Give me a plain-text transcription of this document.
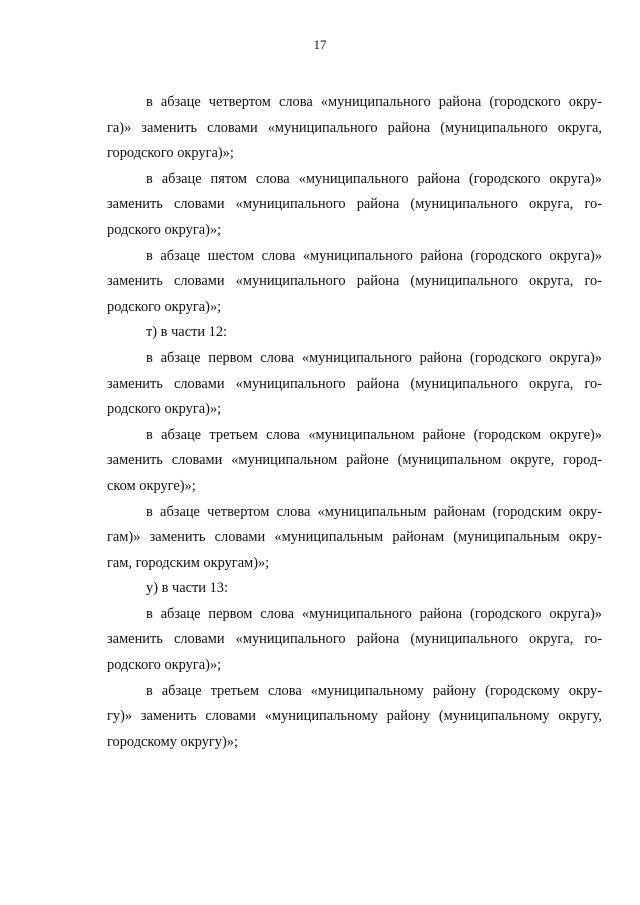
17

в абзаце четвертом слова «муниципального района (городского окру-
га)» заменить словами «муниципального района (муниципального округа,
городского округа)»;

в абзаце пятом слова «муниципального района (городского округа)»
заменить словами «муниципального района (муниципального округа, го-
родского округа)»;

в абзаце шестом слова «муниципального района (городского округа)»
заменить словами «муниципального района (муниципального округа, го-
родского округа)»;

т) в части 12:

в абзаце первом слова «муниципального района (городского округа)»
заменить словами «муниципального района (муниципального округа, го-
родского округа)»;

в абзаце третьем слова «муниципальном районе (городском округе)»
заменить словами «муниципальном районе (муниципальном округе, город-
ском округе)»;

в абзаце четвертом слова «муниципальным районам (городским окру-
гам)» заменить словами «муниципальным районам (муниципальным окру-
гам, городским округам)»;

у) в части 13:

в абзаце первом слова «муниципального района (городского округа)»
заменить словами «муниципального района (муниципального округа, го-
родского округа)»;

в абзаце третьем слова «муниципальному району (городскому окру-
гу)» заменить словами «муниципальному району (муниципальному округу,
городскому округу)»;
